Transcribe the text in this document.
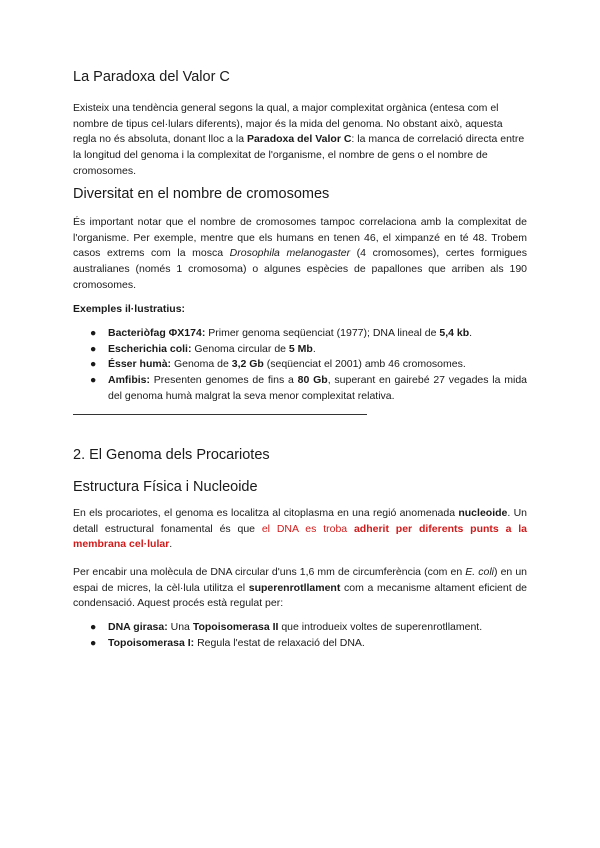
La Paradoxa del Valor C

Existeix una tendència general segons la qual, a major complexitat orgànica (entesa com el nombre de tipus cel·lulars diferents), major és la mida del genoma. No obstant això, aquesta regla no és absoluta, donant lloc a la Paradoxa del Valor C: la manca de correlació directa entre la longitud del genoma i la complexitat de l'organisme, el nombre de gens o el nombre de cromosomes.

Diversitat en el nombre de cromosomes

És important notar que el nombre de cromosomes tampoc correlaciona amb la complexitat de l'organisme. Per exemple, mentre que els humans en tenen 46, el ximpanzé en té 48. Trobem casos extrems com la mosca Drosophila melanogaster (4 cromosomes), certes formigues australianes (només 1 cromosoma) o algunes espècies de papallones que arriben als 190 cromosomes.

Exemples il·lustratius:

● Bacteriòfag ΦX174: Primer genoma seqüenciat (1977); DNA lineal de 5,4 kb.
● Escherichia coli: Genoma circular de 5 Mb.
● Ésser humà: Genoma de 3,2 Gb (seqüenciat el 2001) amb 46 cromosomes.
● Amfibis: Presenten genomes de fins a 80 Gb, superant en gairebé 27 vegades la mida del genoma humà malgrat la seva menor complexitat relativa.
2. El Genoma dels Procariotes
Estructura Física i Nucleoide

En els procariotes, el genoma es localitza al citoplasma en una regió anomenada nucleoide. Un detall estructural fonamental és que el DNA es troba adherit per diferents punts a la membrana cel·lular.

Per encabir una molècula de DNA circular d'uns 1,6 mm de circumferència (com en E. coli) en un espai de micres, la cèl·lula utilitza el superenrotllament com a mecanisme altament eficient de condensació. Aquest procés està regulat per:

● DNA girasa: Una Topoisomerasa II que introdueix voltes de superenrotllament.
● Topoisomerasa I: Regula l'estat de relaxació del DNA.
